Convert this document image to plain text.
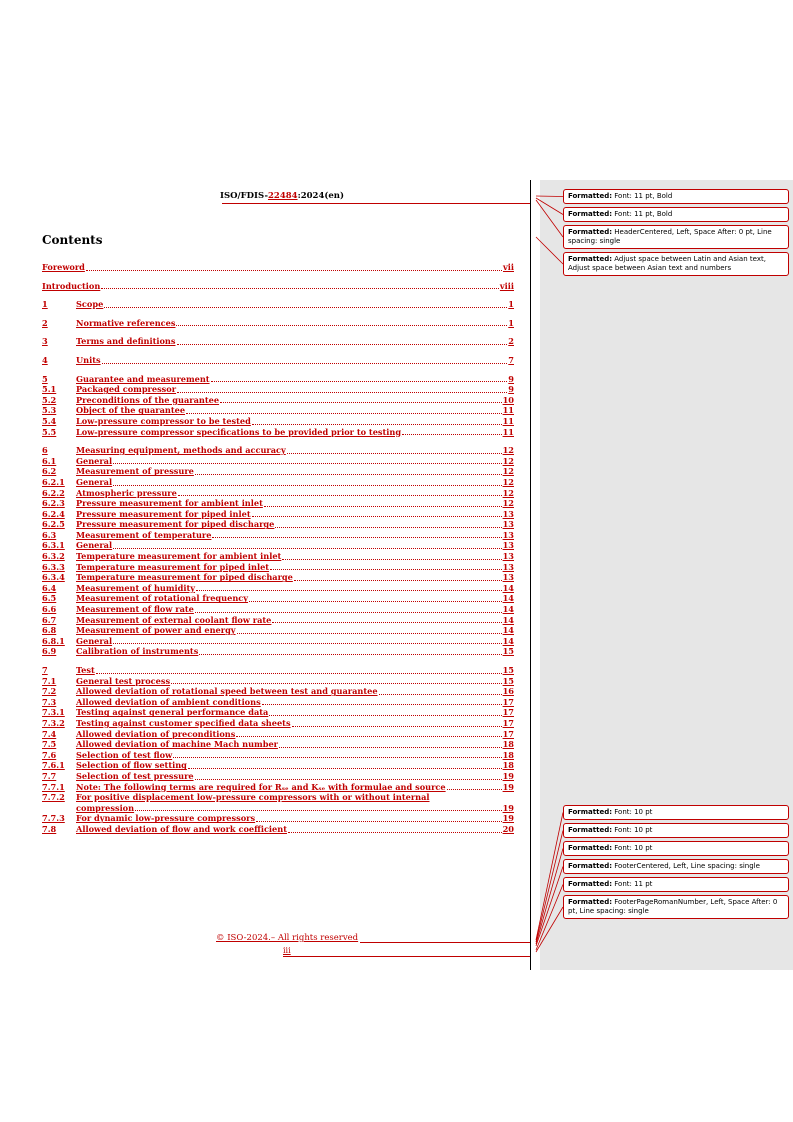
ISO/FDIS-22484:2024(en)
Contents
Foreword	vii
Introduction	viii
1	Scope	1
2	Normative references	1
3	Terms and definitions	2
4	Units	7
5	Guarantee and measurement	9
5.1	Packaged compressor	9
5.2	Preconditions of the guarantee	10
5.3	Object of the guarantee	11
5.4	Low-pressure compressor to be tested	11
5.5	Low-pressure compressor specifications to be provided prior to testing	11
6	Measuring equipment, methods and accuracy	12
6.1	General	12
6.2	Measurement of pressure	12
6.2.1	General	12
6.2.2	Atmospheric pressure	12
6.2.3	Pressure measurement for ambient inlet	12
6.2.4	Pressure measurement for piped inlet	13
6.2.5	Pressure measurement for piped discharge	13
6.3	Measurement of temperature	13
6.3.1	General	13
6.3.2	Temperature measurement for ambient inlet	13
6.3.3	Temperature measurement for piped inlet	13
6.3.4	Temperature measurement for piped discharge	13
6.4	Measurement of humidity	14
6.5	Measurement of rotational frequency	14
6.6	Measurement of flow rate	14
6.7	Measurement of external coolant flow rate	14
6.8	Measurement of power and energy	14
6.8.1	General	14
6.9	Calibration of instruments	15
7	Test	15
7.1	General test process	15
7.2	Allowed deviation of rotational speed between test and guarantee	16
7.3	Allowed deviation of ambient conditions	17
7.3.1	Testing against general performance data	17
7.3.2	Testing against customer specified data sheets	17
7.4	Allowed deviation of preconditions	17
7.5	Allowed deviation of machine Mach number	18
7.6	Selection of test flow	18
7.6.1	Selection of flow setting	18
7.7	Selection of test pressure	19
7.7.1	Note: The following terms are required for Rₛₑ and Kₛₑ with formulae and source	19
7.7.2	For positive displacement low-pressure compressors with or without internal
compression	19
7.7.3	For dynamic low-pressure compressors	19
7.8	Allowed deviation of flow and work coefficient	20
© ISO-2024.– All rights reserved
iii
Formatted: Font: 11 pt, Bold
Formatted: Font: 11 pt, Bold
Formatted: HeaderCentered, Left, Space After: 0 pt, Line spacing: single
Formatted: Adjust space between Latin and Asian text, Adjust space between Asian text and numbers
Formatted: Font: 10 pt
Formatted: Font: 10 pt
Formatted: Font: 10 pt
Formatted: FooterCentered, Left, Line spacing: single
Formatted: Font: 11 pt
Formatted: FooterPageRomanNumber, Left, Space After: 0 pt, Line spacing: single
